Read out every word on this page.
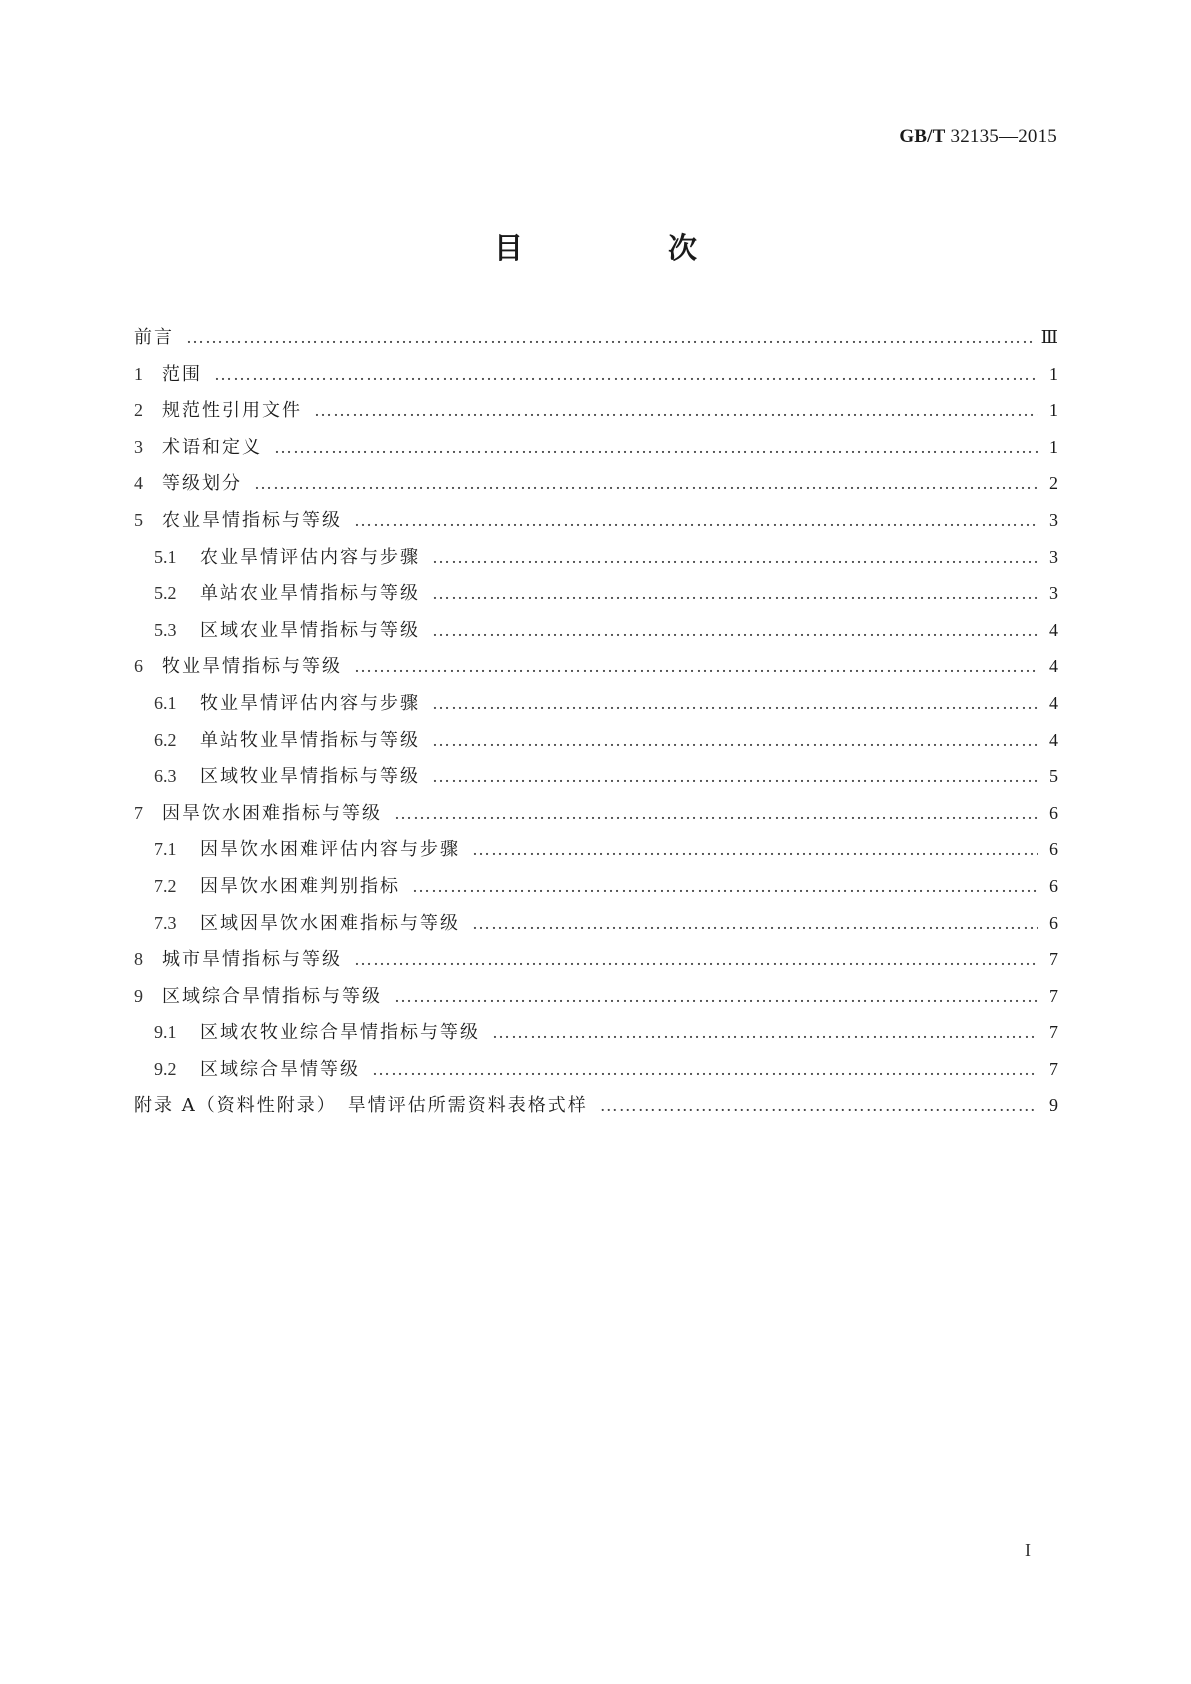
GB/T 32135—2015
目　次
前言 …………………………………………………………………………………………………………………………………………………………	Ⅲ
1	范围 …………………………………………………………………………………………………………………………………………………………	1
2	规范性引用文件 …………………………………………………………………………………………………………………………………………………………	1
3	术语和定义 …………………………………………………………………………………………………………………………………………………………	1
4	等级划分 …………………………………………………………………………………………………………………………………………………………	2
5	农业旱情指标与等级 …………………………………………………………………………………………………………………………………………………………	3
5.1	农业旱情评估内容与步骤 …………………………………………………………………………………………………………………………………………………………	3
5.2	单站农业旱情指标与等级 …………………………………………………………………………………………………………………………………………………………	3
5.3	区域农业旱情指标与等级 …………………………………………………………………………………………………………………………………………………………	4
6	牧业旱情指标与等级 …………………………………………………………………………………………………………………………………………………………	4
6.1	牧业旱情评估内容与步骤 …………………………………………………………………………………………………………………………………………………………	4
6.2	单站牧业旱情指标与等级 …………………………………………………………………………………………………………………………………………………………	4
6.3	区域牧业旱情指标与等级 …………………………………………………………………………………………………………………………………………………………	5
7	因旱饮水困难指标与等级 …………………………………………………………………………………………………………………………………………………………	6
7.1	因旱饮水困难评估内容与步骤 …………………………………………………………………………………………………………………………………………………………	6
7.2	因旱饮水困难判别指标 …………………………………………………………………………………………………………………………………………………………	6
7.3	区域因旱饮水困难指标与等级 …………………………………………………………………………………………………………………………………………………………	6
8	城市旱情指标与等级 …………………………………………………………………………………………………………………………………………………………	7
9	区域综合旱情指标与等级 …………………………………………………………………………………………………………………………………………………………	7
9.1	区域农牧业综合旱情指标与等级 …………………………………………………………………………………………………………………………………………………………	7
9.2	区域综合旱情等级 …………………………………………………………………………………………………………………………………………………………	7
附录 A（资料性附录）　旱情评估所需资料表格式样 …………………………………………………………………………………………………………………………………………………………	9
I
